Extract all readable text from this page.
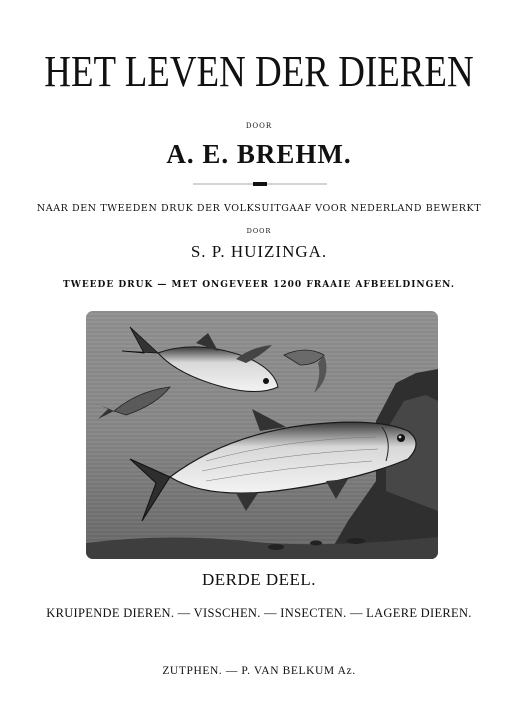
HET LEVEN DER DIEREN
DOOR
A. E. BREHM.
NAAR DEN TWEEDEN DRUK DER VOLKSUITGAAF VOOR NEDERLAND BEWERKT
DOOR
S. P. HUIZINGA.
TWEEDE DRUK — MET ONGEVEER 1200 FRAAIE AFBEELDINGEN.
DERDE DEEL.
KRUIPENDE DIEREN. — VISSCHEN. — INSECTEN. — LAGERE DIEREN.
ZUTPHEN. — P. VAN BELKUM Az.
